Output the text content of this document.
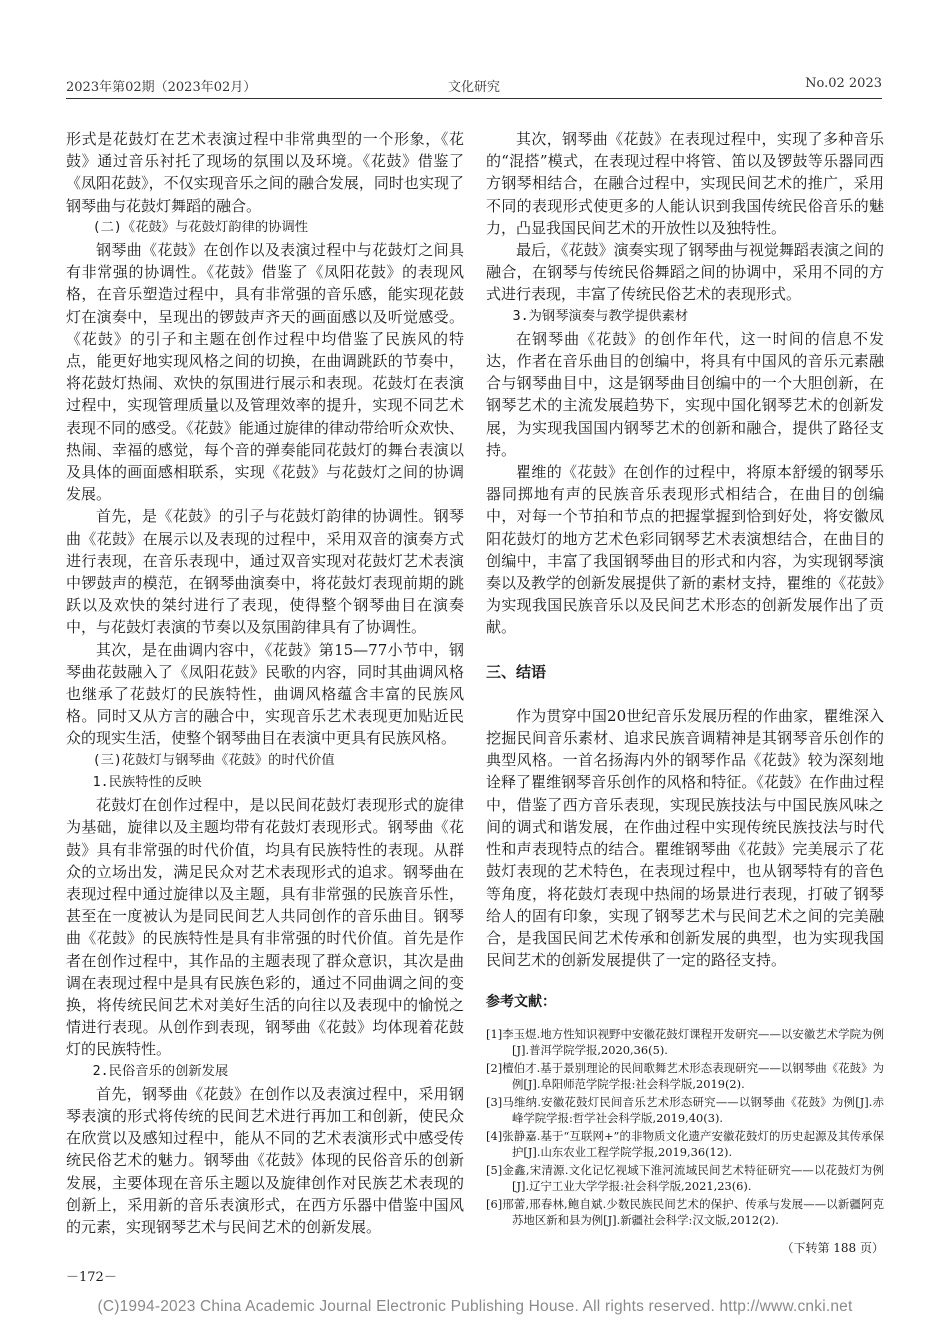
2023年第02期（2023年02月）	文化研究	No.02 2023
形式是花鼓灯在艺术表演过程中非常典型的一个形象，《花鼓》通过音乐衬托了现场的氛围以及环境。《花鼓》借鉴了《凤阳花鼓》，不仅实现音乐之间的融合发展，同时也实现了钢琴曲与花鼓灯舞蹈的融合。
(二)《花鼓》与花鼓灯韵律的协调性
钢琴曲《花鼓》在创作以及表演过程中与花鼓灯之间具有非常强的协调性。《花鼓》借鉴了《凤阳花鼓》的表现风格，在音乐塑造过程中，具有非常强的音乐感，能实现花鼓灯在演奏中，呈现出的锣鼓声齐天的画面感以及听觉感受。《花鼓》的引子和主题在创作过程中均借鉴了民族风的特点，能更好地实现风格之间的切换，在曲调跳跃的节奏中，将花鼓灯热闹、欢快的氛围进行展示和表现。花鼓灯在表演过程中，实现管理质量以及管理效率的提升，实现不同艺术表现不同的感受。《花鼓》能通过旋律的律动带给听众欢快、热闹、幸福的感觉，每个音的弹奏能同花鼓灯的舞台表演以及具体的画面感相联系，实现《花鼓》与花鼓灯之间的协调发展。
首先，是《花鼓》的引子与花鼓灯韵律的协调性。钢琴曲《花鼓》在展示以及表现的过程中，采用双音的演奏方式进行表现，在音乐表现中，通过双音实现对花鼓灯艺术表演中锣鼓声的模范，在钢琴曲演奏中，将花鼓灯表现前期的跳跃以及欢快的桀纣进行了表现，使得整个钢琴曲目在演奏中，与花鼓灯表演的节奏以及氛围韵律具有了协调性。
其次，是在曲调内容中，《花鼓》第15—77小节中，钢琴曲花鼓融入了《凤阳花鼓》民歌的内容，同时其曲调风格也继承了花鼓灯的民族特性，曲调风格蕴含丰富的民族风格。同时又从方言的融合中，实现音乐艺术表现更加贴近民众的现实生活，使整个钢琴曲目在表演中更具有民族风格。
(三)花鼓灯与钢琴曲《花鼓》的时代价值
1.民族特性的反映
花鼓灯在创作过程中，是以民间花鼓灯表现形式的旋律为基础，旋律以及主题均带有花鼓灯表现形式。钢琴曲《花鼓》具有非常强的时代价值，均具有民族特性的表现。从群众的立场出发，满足民众对艺术表现形式的追求。钢琴曲在表现过程中通过旋律以及主题，具有非常强的民族音乐性，甚至在一度被认为是同民间艺人共同创作的音乐曲目。钢琴曲《花鼓》的民族特性是具有非常强的时代价值。首先是作者在创作过程中，其作品的主题表现了群众意识，其次是曲调在表现过程中是具有民族色彩的，通过不同曲调之间的变换，将传统民间艺术对美好生活的向往以及表现中的愉悦之情进行表现。从创作到表现，钢琴曲《花鼓》均体现着花鼓灯的民族特性。
2.民俗音乐的创新发展
首先，钢琴曲《花鼓》在创作以及表演过程中，采用钢琴表演的形式将传统的民间艺术进行再加工和创新，使民众在欣赏以及感知过程中，能从不同的艺术表演形式中感受传统民俗艺术的魅力。钢琴曲《花鼓》体现的民俗音乐的创新发展，主要体现在音乐主题以及旋律创作对民族艺术表现的创新上，采用新的音乐表演形式，在西方乐器中借鉴中国风的元素，实现钢琴艺术与民间艺术的创新发展。
其次，钢琴曲《花鼓》在表现过程中，实现了多种音乐的“混搭”模式，在表现过程中将管、笛以及锣鼓等乐器同西方钢琴相结合，在融合过程中，实现民间艺术的推广，采用不同的表现形式使更多的人能认识到我国传统民俗音乐的魅力，凸显我国民间艺术的开放性以及独特性。
最后，《花鼓》演奏实现了钢琴曲与视觉舞蹈表演之间的融合，在钢琴与传统民俗舞蹈之间的协调中，采用不同的方式进行表现，丰富了传统民俗艺术的表现形式。
3.为钢琴演奏与教学提供素材
在钢琴曲《花鼓》的创作年代，这一时间的信息不发达，作者在音乐曲目的创编中，将具有中国风的音乐元素融合与钢琴曲目中，这是钢琴曲目创编中的一个大胆创新，在钢琴艺术的主流发展趋势下，实现中国化钢琴艺术的创新发展，为实现我国国内钢琴艺术的创新和融合，提供了路径支持。
瞿维的《花鼓》在创作的过程中，将原本舒缓的钢琴乐器同掷地有声的民族音乐表现形式相结合，在曲目的创编中，对每一个节拍和节点的把握掌握到恰到好处，将安徽凤阳花鼓灯的地方艺术色彩同钢琴艺术表演想结合，在曲目的创编中，丰富了我国钢琴曲目的形式和内容，为实现钢琴演奏以及教学的创新发展提供了新的素材支持，瞿维的《花鼓》为实现我国民族音乐以及民间艺术形态的创新发展作出了贡献。
三、结语
作为贯穿中国20世纪音乐发展历程的作曲家，瞿维深入挖掘民间音乐素材、追求民族音调精神是其钢琴音乐创作的典型风格。一首名扬海内外的钢琴作品《花鼓》较为深刻地诠释了瞿维钢琴音乐创作的风格和特征。《花鼓》在作曲过程中，借鉴了西方音乐表现，实现民族技法与中国民族风味之间的调式和谐发展，在作曲过程中实现传统民族技法与时代性和声表现特点的结合。瞿维钢琴曲《花鼓》完美展示了花鼓灯表现的艺术特色，在表现过程中，也从钢琴特有的音色等角度，将花鼓灯表现中热闹的场景进行表现，打破了钢琴给人的固有印象，实现了钢琴艺术与民间艺术之间的完美融合，是我国民间艺术传承和创新发展的典型，也为实现我国民间艺术的创新发展提供了一定的路径支持。
参考文献：
[1]李玉煜.地方性知识视野中安徽花鼓灯课程开发研究——以安徽艺术学院为例[J].普洱学院学报,2020,36(5).
[2]檀伯才.基于景别理论的民间歌舞艺术形态表现研究——以钢琴曲《花鼓》为例[J].阜阳师范学院学报:社会科学版,2019(2).
[3]马维纳.安徽花鼓灯民间音乐艺术形态研究——以钢琴曲《花鼓》为例[J].赤峰学院学报:哲学社会科学版,2019,40(3).
[4]张静嘉.基于“互联网+”的非物质文化遗产安徽花鼓灯的历史起源及其传承保护[J].山东农业工程学院学报,2019,36(12).
[5]金鑫,宋清源.文化记忆视域下淮河流域民间艺术特征研究——以花鼓灯为例[J].辽宁工业大学学报:社会科学版,2021,23(6).
[6]邢蕾,邢春林,鲍自斌.少数民族民间艺术的保护、传承与发展——以新疆阿克苏地区新和县为例[J].新疆社会科学:汉文版,2012(2).
（下转第 188 页）
－172－
(C)1994-2023 China Academic Journal Electronic Publishing House. All rights reserved. http://www.cnki.net
